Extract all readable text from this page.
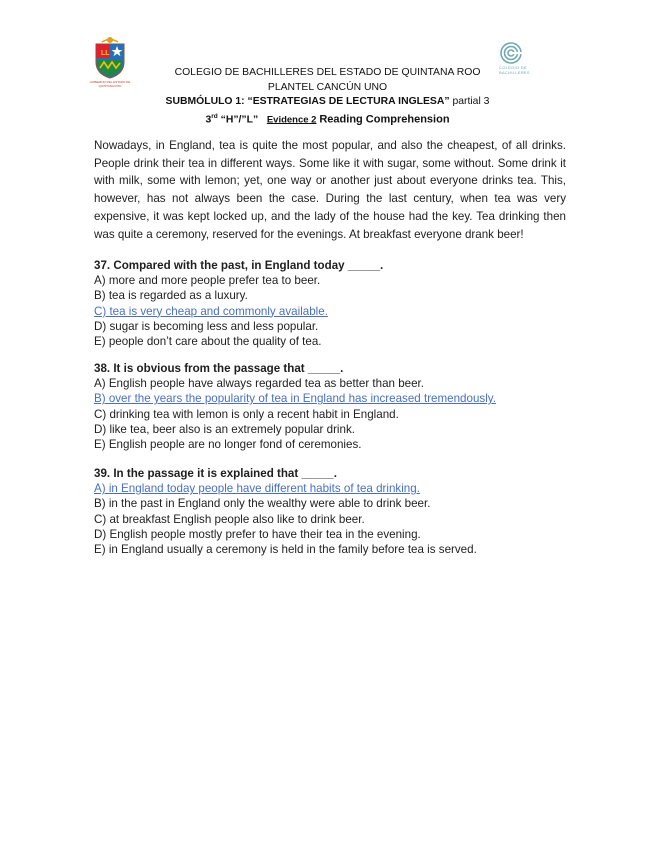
LL
GOBIERNO DEL ESTADO DE QUINTANA ROO
COLEGIO DE BACHILLERES
COLEGIO DE BACHILLERES DEL ESTADO DE QUINTANA ROO
PLANTEL CANCÚN UNO
SUBMÓLULO 1: “ESTRATEGIAS DE LECTURA INGLESA” partial 3
3rd “H”/”L” Evidence 2 Reading Comprehension
Nowadays, in England, tea is quite the most popular, and also the cheapest, of all drinks. People drink their tea in different ways. Some like it with sugar, some without. Some drink it with milk, some with lemon; yet, one way or another just about everyone drinks tea. This, however, has not always been the case. During the last century, when tea was very expensive, it was kept locked up, and the lady of the house had the key. Tea drinking then was quite a ceremony, reserved for the evenings. At breakfast everyone drank beer!
37. Compared with the past, in England today _____.
A) more and more people prefer tea to beer.
B) tea is regarded as a luxury.
C) tea is very cheap and commonly available.
D) sugar is becoming less and less popular.
E) people don’t care about the quality of tea.
38. It is obvious from the passage that _____.
A) English people have always regarded tea as better than beer.
B) over the years the popularity of tea in England has increased tremendously.
C) drinking tea with lemon is only a recent habit in England.
D) like tea, beer also is an extremely popular drink.
E) English people are no longer fond of ceremonies.
39. In the passage it is explained that _____.
A) in England today people have different habits of tea drinking.
B) in the past in England only the wealthy were able to drink beer.
C) at breakfast English people also like to drink beer.
D) English people mostly prefer to have their tea in the evening.
E) in England usually a ceremony is held in the family before tea is served.
